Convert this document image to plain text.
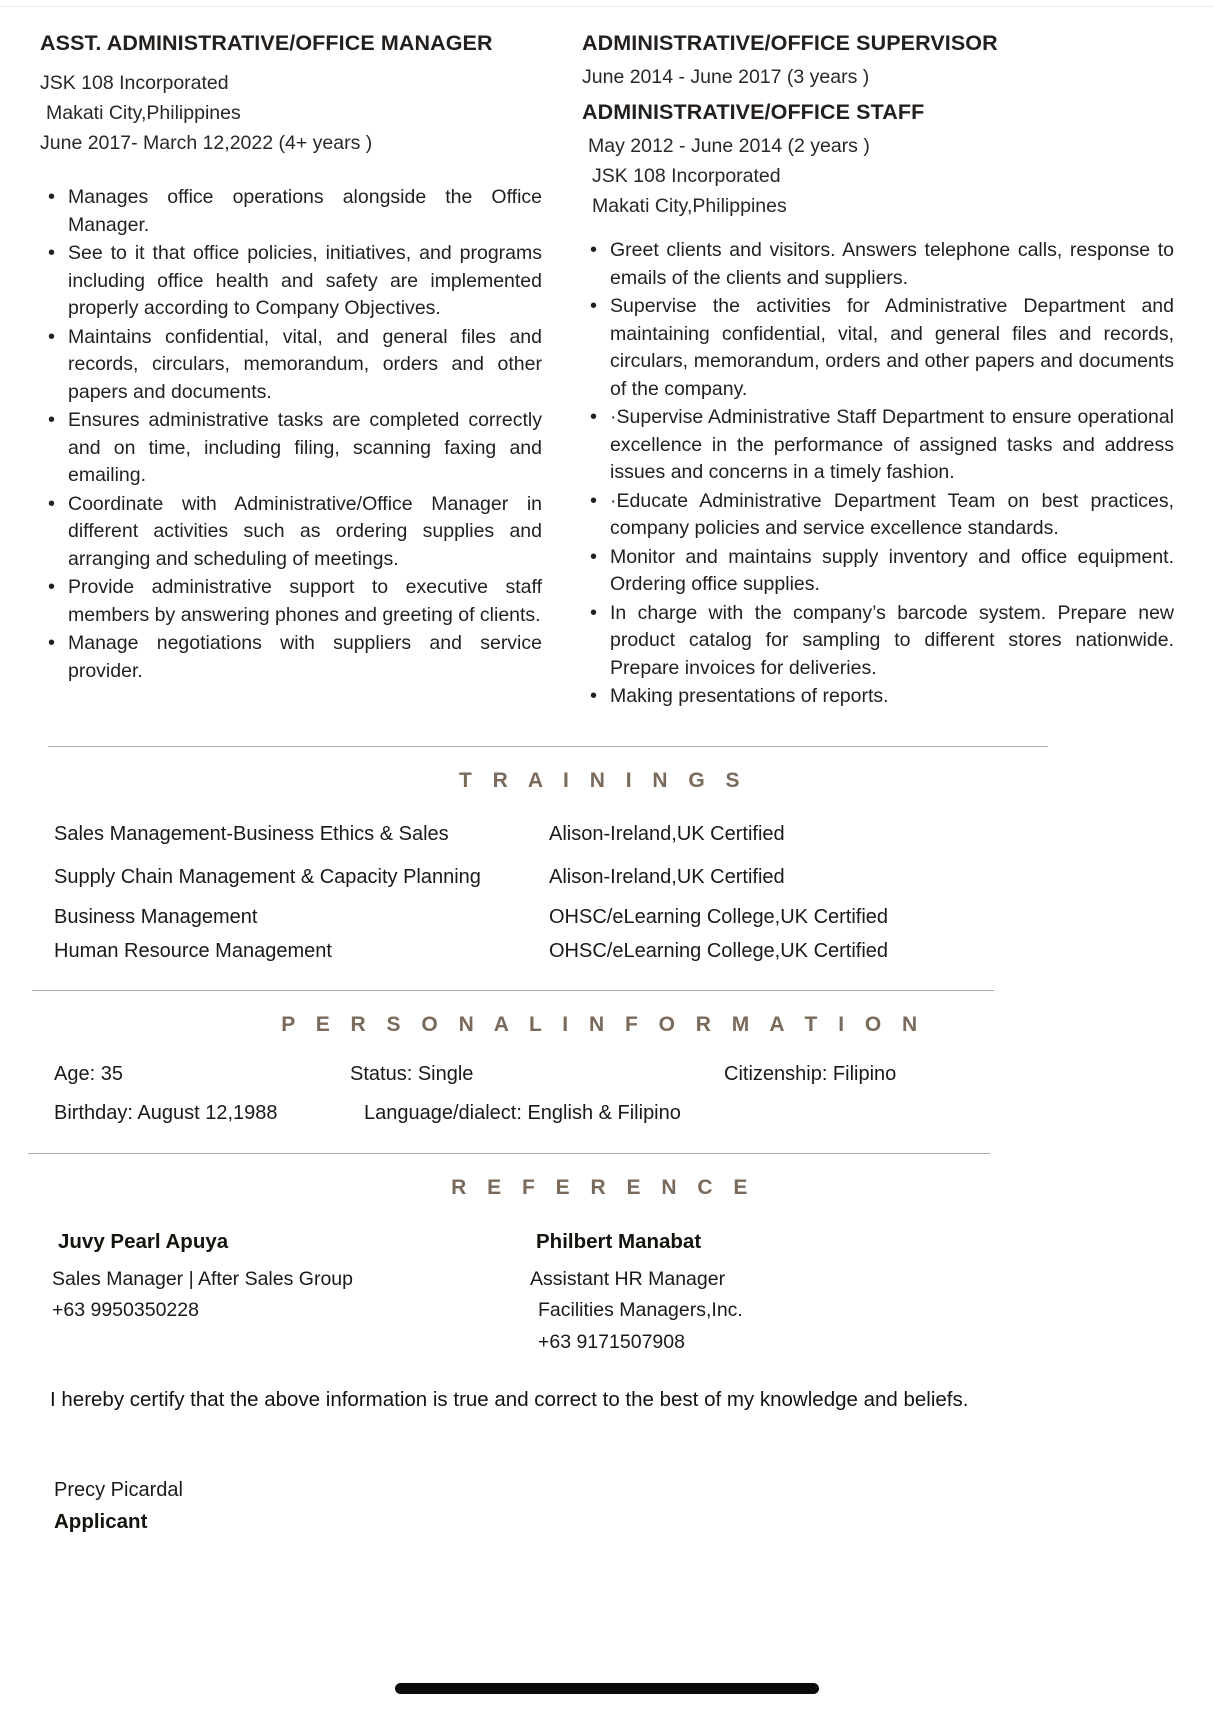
ASST. ADMINISTRATIVE/OFFICE MANAGER
JSK 108 Incorporated
Makati City,Philippines
June 2017- March 12,2022 (4+ years )
• Manages office operations alongside the Office Manager.
• See to it that office policies, initiatives, and programs including office health and safety are implemented properly according to Company Objectives.
• Maintains confidential, vital, and general files and records, circulars, memorandum, orders and other papers and documents.
• Ensures administrative tasks are completed correctly and on time, including filing, scanning faxing and emailing.
• Coordinate with Administrative/Office Manager in different activities such as ordering supplies and arranging and scheduling of meetings.
• Provide administrative support to executive staff members by answering phones and greeting of clients.
• Manage negotiations with suppliers and service provider.
ADMINISTRATIVE/OFFICE SUPERVISOR
June 2014 - June 2017 (3 years )
ADMINISTRATIVE/OFFICE STAFF
May 2012 - June 2014 (2 years )
JSK 108 Incorporated
Makati City,Philippines
• Greet clients and visitors. Answers telephone calls, response to emails of the clients and suppliers.
• Supervise the activities for Administrative Department and maintaining confidential, vital, and general files and records, circulars, memorandum, orders and other papers and documents of the company.
• ·Supervise Administrative Staff Department to ensure operational excellence in the performance of assigned tasks and address issues and concerns in a timely fashion.
• ·Educate Administrative Department Team on best practices, company policies and service excellence standards.
• Monitor and maintains supply inventory and office equipment. Ordering office supplies.
• In charge with the company’s barcode system. Prepare new product catalog for sampling to different stores nationwide. Prepare invoices for deliveries.
• Making presentations of reports.
T R A I N I N G S
Sales Management-Business Ethics & Sales	Alison-Ireland,UK Certified
Supply Chain Management & Capacity Planning	Alison-Ireland,UK Certified
Business Management	OHSC/eLearning College,UK Certified
Human Resource Management	OHSC/eLearning College,UK Certified
P E R S O N A L I N F O R M A T I O N
Age: 35	Status: Single	Citizenship: Filipino
Birthday: August 12,1988	Language/dialect: English & Filipino
R E F E R E N C E
Juvy Pearl Apuya
Sales Manager | After Sales Group
+63 9950350228
Philbert Manabat
Assistant HR Manager
Facilities Managers,Inc.
+63 9171507908
I hereby certify that the above information is true and correct to the best of my knowledge and beliefs.
Precy Picardal
Applicant
